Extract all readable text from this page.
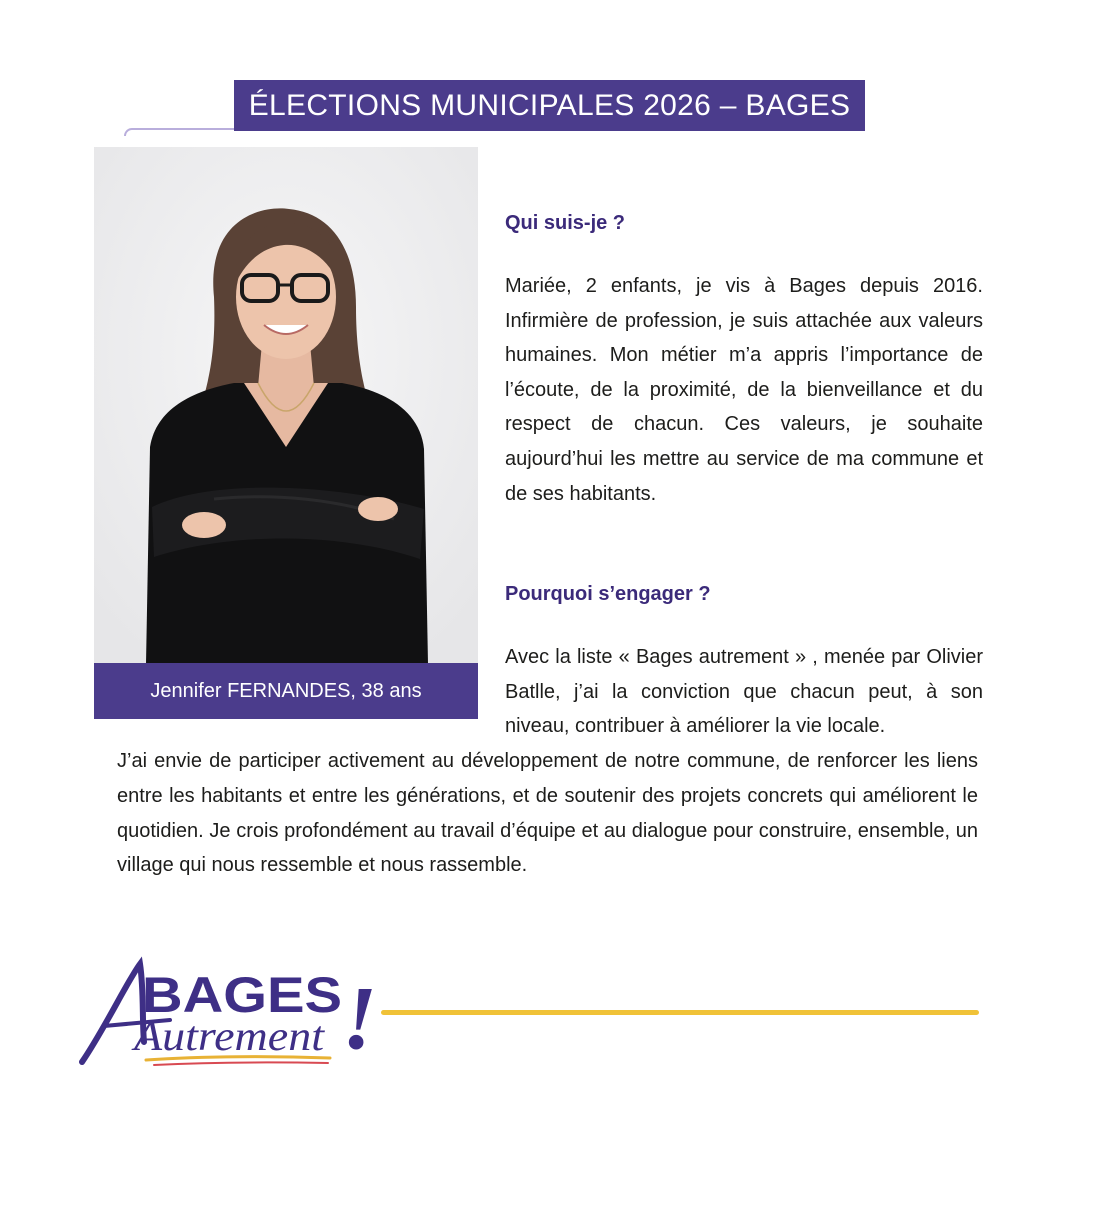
ÉLECTIONS MUNICIPALES 2026 – BAGES
Jennifer FERNANDES, 38 ans
Qui suis-je ?
Mariée, 2 enfants, je vis à Bages depuis 2016. Infirmière de profession, je suis attachée aux valeurs humaines. Mon métier m’a appris l’importance de l’écoute, de la proximité, de la bienveillance et du respect de chacun. Ces valeurs, je souhaite aujourd’hui les mettre au service de ma commune et de ses habitants.
Pourquoi s’engager ?
Avec la liste « Bages autrement » , menée par Olivier Batlle, j’ai la conviction que chacun peut, à son niveau, contribuer à améliorer la vie locale.
J’ai envie de participer activement au développement de notre commune, de renforcer les liens entre les habitants et entre les générations, et de soutenir des projets concrets qui améliorent le quotidien. Je crois profondément au travail d’équipe et au dialogue pour construire, ensemble, un village qui nous ressemble et nous rassemble.
BAGES
Autrement !
